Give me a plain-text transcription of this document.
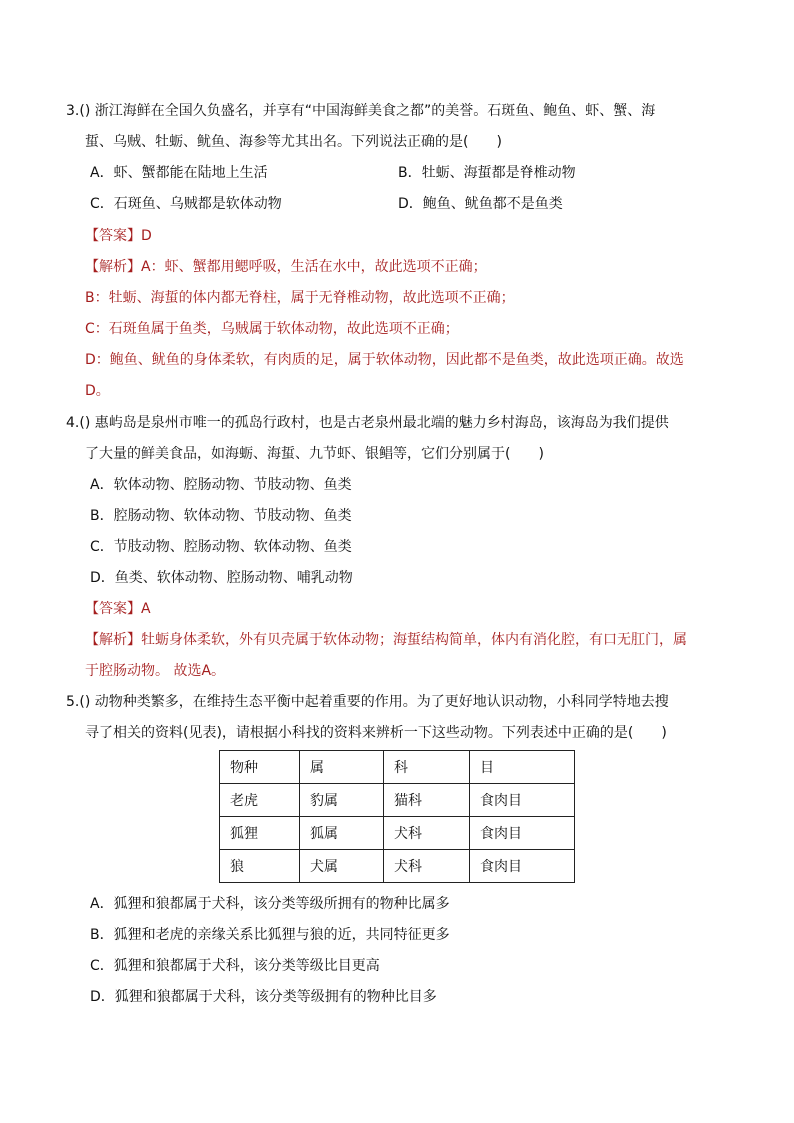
3.() 浙江海鲜在全国久负盛名，并享有“中国海鲜美食之都”的美誉。石斑鱼、鲍鱼、虾、蟹、海
蜇、乌贼、牡蛎、鱿鱼、海参等尤其出名。下列说法正确的是(　　)
A．虾、蟹都能在陆地上生活	B．牡蛎、海蜇都是脊椎动物
C．石斑鱼、乌贼都是软体动物	D．鲍鱼、鱿鱼都不是鱼类
【答案】D
【解析】A：虾、蟹都用鳃呼吸，生活在水中，故此选项不正确；
B：牡蛎、海蜇的体内都无脊柱，属于无脊椎动物，故此选项不正确；
C：石斑鱼属于鱼类，乌贼属于软体动物，故此选项不正确；
D：鲍鱼、鱿鱼的身体柔软，有肉质的足，属于软体动物，因此都不是鱼类，故此选项正确。故选
D。
4.() 惠屿岛是泉州市唯一的孤岛行政村，也是古老泉州最北端的魅力乡村海岛，该海岛为我们提供
了大量的鲜美食品，如海蛎、海蜇、九节虾、银鲳等，它们分别属于(　　)
A．软体动物、腔肠动物、节肢动物、鱼类
B．腔肠动物、软体动物、节肢动物、鱼类
C．节肢动物、腔肠动物、软体动物、鱼类
D．鱼类、软体动物、腔肠动物、哺乳动物
【答案】A
【解析】牡蛎身体柔软，外有贝壳属于软体动物；海蜇结构简单，体内有消化腔，有口无肛门，属
于腔肠动物。 故选A。
5.() 动物种类繁多，在维持生态平衡中起着重要的作用。为了更好地认识动物，小科同学特地去搜
寻了相关的资料(见表)，请根据小科找的资料来辨析一下这些动物。下列表述中正确的是(　　)
物种	属	科	目
老虎	豹属	猫科	食肉目
狐狸	狐属	犬科	食肉目
狼	犬属	犬科	食肉目
A．狐狸和狼都属于犬科，该分类等级所拥有的物种比属多
B．狐狸和老虎的亲缘关系比狐狸与狼的近，共同特征更多
C．狐狸和狼都属于犬科，该分类等级比目更高
D．狐狸和狼都属于犬科，该分类等级拥有的物种比目多
